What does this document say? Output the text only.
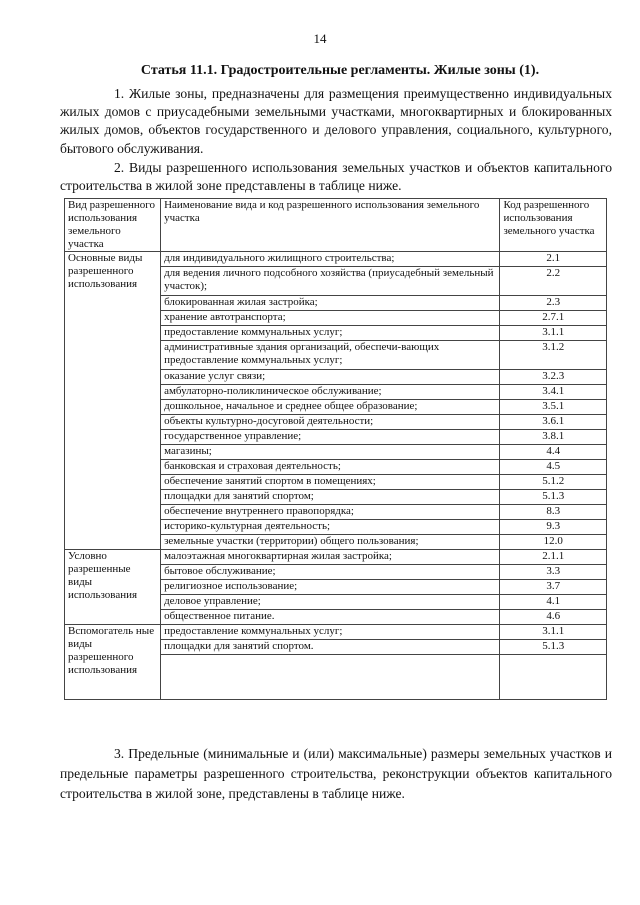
14
Статья 11.1. Градостроительные регламенты. Жилые зоны (1).

1. Жилые зоны, предназначены для размещения преимущественно индивидуальных жилых домов с приусадебными земельными участками, многоквартирных и блокированных жилых домов, объектов государственного и делового управления, социального, культурного, бытового обслуживания.

2. Виды разрешенного использования земельных участков и объектов капитального строительства в жилой зоне представлены в таблице ниже.

Вид разрешенного использования земельного участка	Наименование вида и код разрешенного использования земельного участка	Код разрешенного использования земельного участка
Основные виды разрешенного использования	для индивидуального жилищного строительства;	2.1
	для ведения личного подсобного хозяйства (приусадебный земельный участок);	2.2
	блокированная жилая застройка;	2.3
	хранение автотранспорта;	2.7.1
	предоставление коммунальных услуг;	3.1.1
	административные здания организаций, обеспечи-вающих предоставление коммунальных услуг;	3.1.2
	оказание услуг связи;	3.2.3
	амбулаторно-поликлиническое обслуживание;	3.4.1
	дошкольное, начальное и среднее общее образование;	3.5.1
	объекты культурно-досуговой деятельности;	3.6.1
	государственное управление;	3.8.1
	магазины;	4.4
	банковская и страховая деятельность;	4.5
	обеспечение занятий спортом в помещениях;	5.1.2
	площадки для занятий спортом;	5.1.3
	обеспечение внутреннего правопорядка;	8.3
	историко-культурная деятельность;	9.3
	земельные участки (территории) общего пользования;	12.0
Условно разрешенные виды использования	малоэтажная многоквартирная жилая застройка;	2.1.1
	бытовое обслуживание;	3.3
	религиозное использование;	3.7
	деловое управление;	4.1
	общественное питание.	4.6
Вспомогатель ные виды разрешенного использования	предоставление коммунальных услуг;	3.1.1
	площадки для занятий спортом.	5.1.3

3. Предельные (минимальные и (или) максимальные) размеры земельных участков и предельные параметры разрешенного строительства, реконструкции объектов капитального строительства в жилой зоне, представлены в таблице ниже.
